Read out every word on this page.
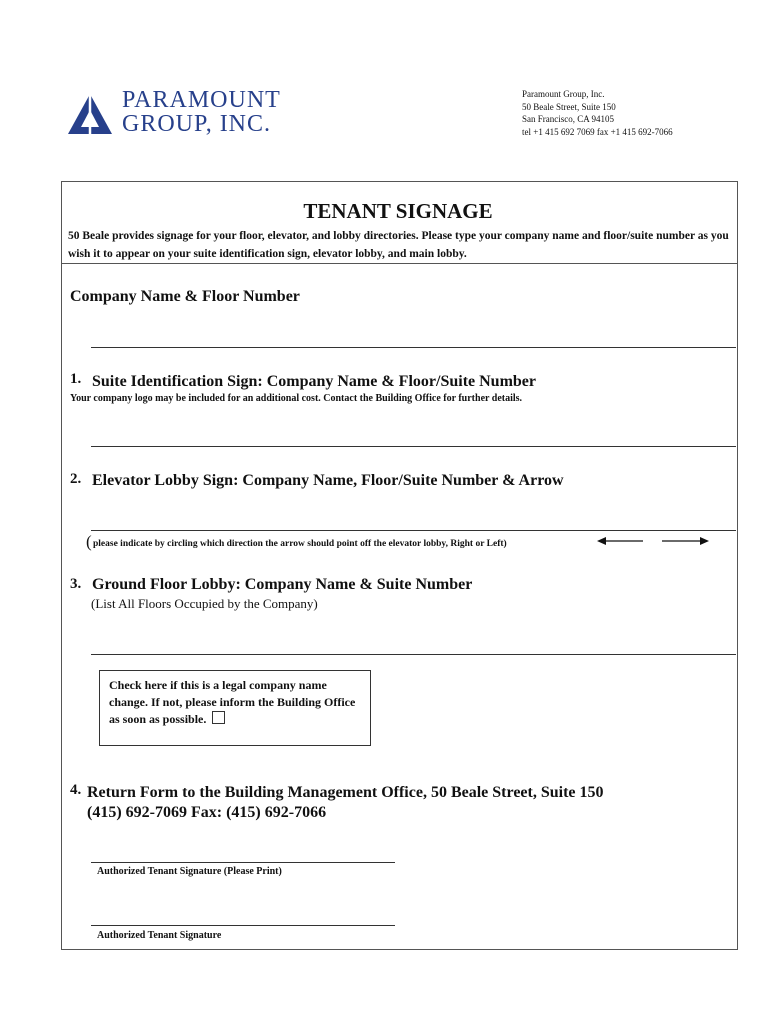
PARAMOUNT
GROUP, INC.
Paramount Group, Inc.
50 Beale Street, Suite 150
San Francisco, CA 94105
tel +1 415 692 7069 fax +1 415 692-7066
TENANT SIGNAGE
50 Beale provides signage for your floor, elevator, and lobby directories. Please type your company name and floor/suite number as you wish it to appear on your suite identification sign, elevator lobby, and main lobby.
Company Name & Floor Number
1. Suite Identification Sign: Company Name & Floor/Suite Number
Your company logo may be included for an additional cost. Contact the Building Office for further details.
2. Elevator Lobby Sign: Company Name, Floor/Suite Number & Arrow
( please indicate by circling which direction the arrow should point off the elevator lobby, Right or Left)
3. Ground Floor Lobby: Company Name & Suite Number
(List All Floors Occupied by the Company)
Check here if this is a legal company name change. If not, please inform the Building Office as soon as possible.
4. Return Form to the Building Management Office, 50 Beale Street, Suite 150
(415) 692-7069 Fax: (415) 692-7066
Authorized Tenant Signature (Please Print)
Authorized Tenant Signature
